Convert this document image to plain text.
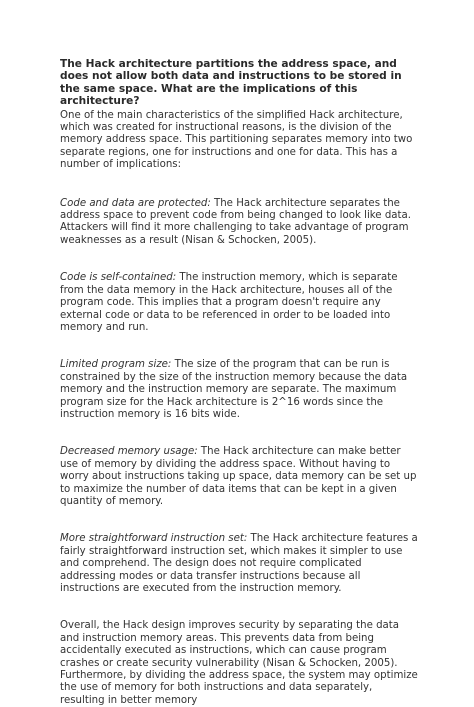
The Hack architecture partitions the address space, and does not allow both data and instructions to be stored in the same space. What are the implications of this architecture?

One of the main characteristics of the simplified Hack architecture, which was created for instructional reasons, is the division of the memory address space. This partitioning separates memory into two separate regions, one for instructions and one for data. This has a number of implications:

Code and data are protected: The Hack architecture separates the address space to prevent code from being changed to look like data. Attackers will find it more challenging to take advantage of program weaknesses as a result (Nisan & Schocken, 2005).

Code is self-contained: The instruction memory, which is separate from the data memory in the Hack architecture, houses all of the program code. This implies that a program doesn't require any external code or data to be referenced in order to be loaded into memory and run.

Limited program size: The size of the program that can be run is constrained by the size of the instruction memory because the data memory and the instruction memory are separate. The maximum program size for the Hack architecture is 2^16 words since the instruction memory is 16 bits wide.

Decreased memory usage: The Hack architecture can make better use of memory by dividing the address space. Without having to worry about instructions taking up space, data memory can be set up to maximize the number of data items that can be kept in a given quantity of memory.

More straightforward instruction set: The Hack architecture features a fairly straightforward instruction set, which makes it simpler to use and comprehend. The design does not require complicated addressing modes or data transfer instructions because all instructions are executed from the instruction memory.

Overall, the Hack design improves security by separating the data and instruction memory areas. This prevents data from being accidentally executed as instructions, which can cause program crashes or create security vulnerability (Nisan & Schocken, 2005). Furthermore, by dividing the address space, the system may optimize the use of memory for both instructions and data separately, resulting in better memory
